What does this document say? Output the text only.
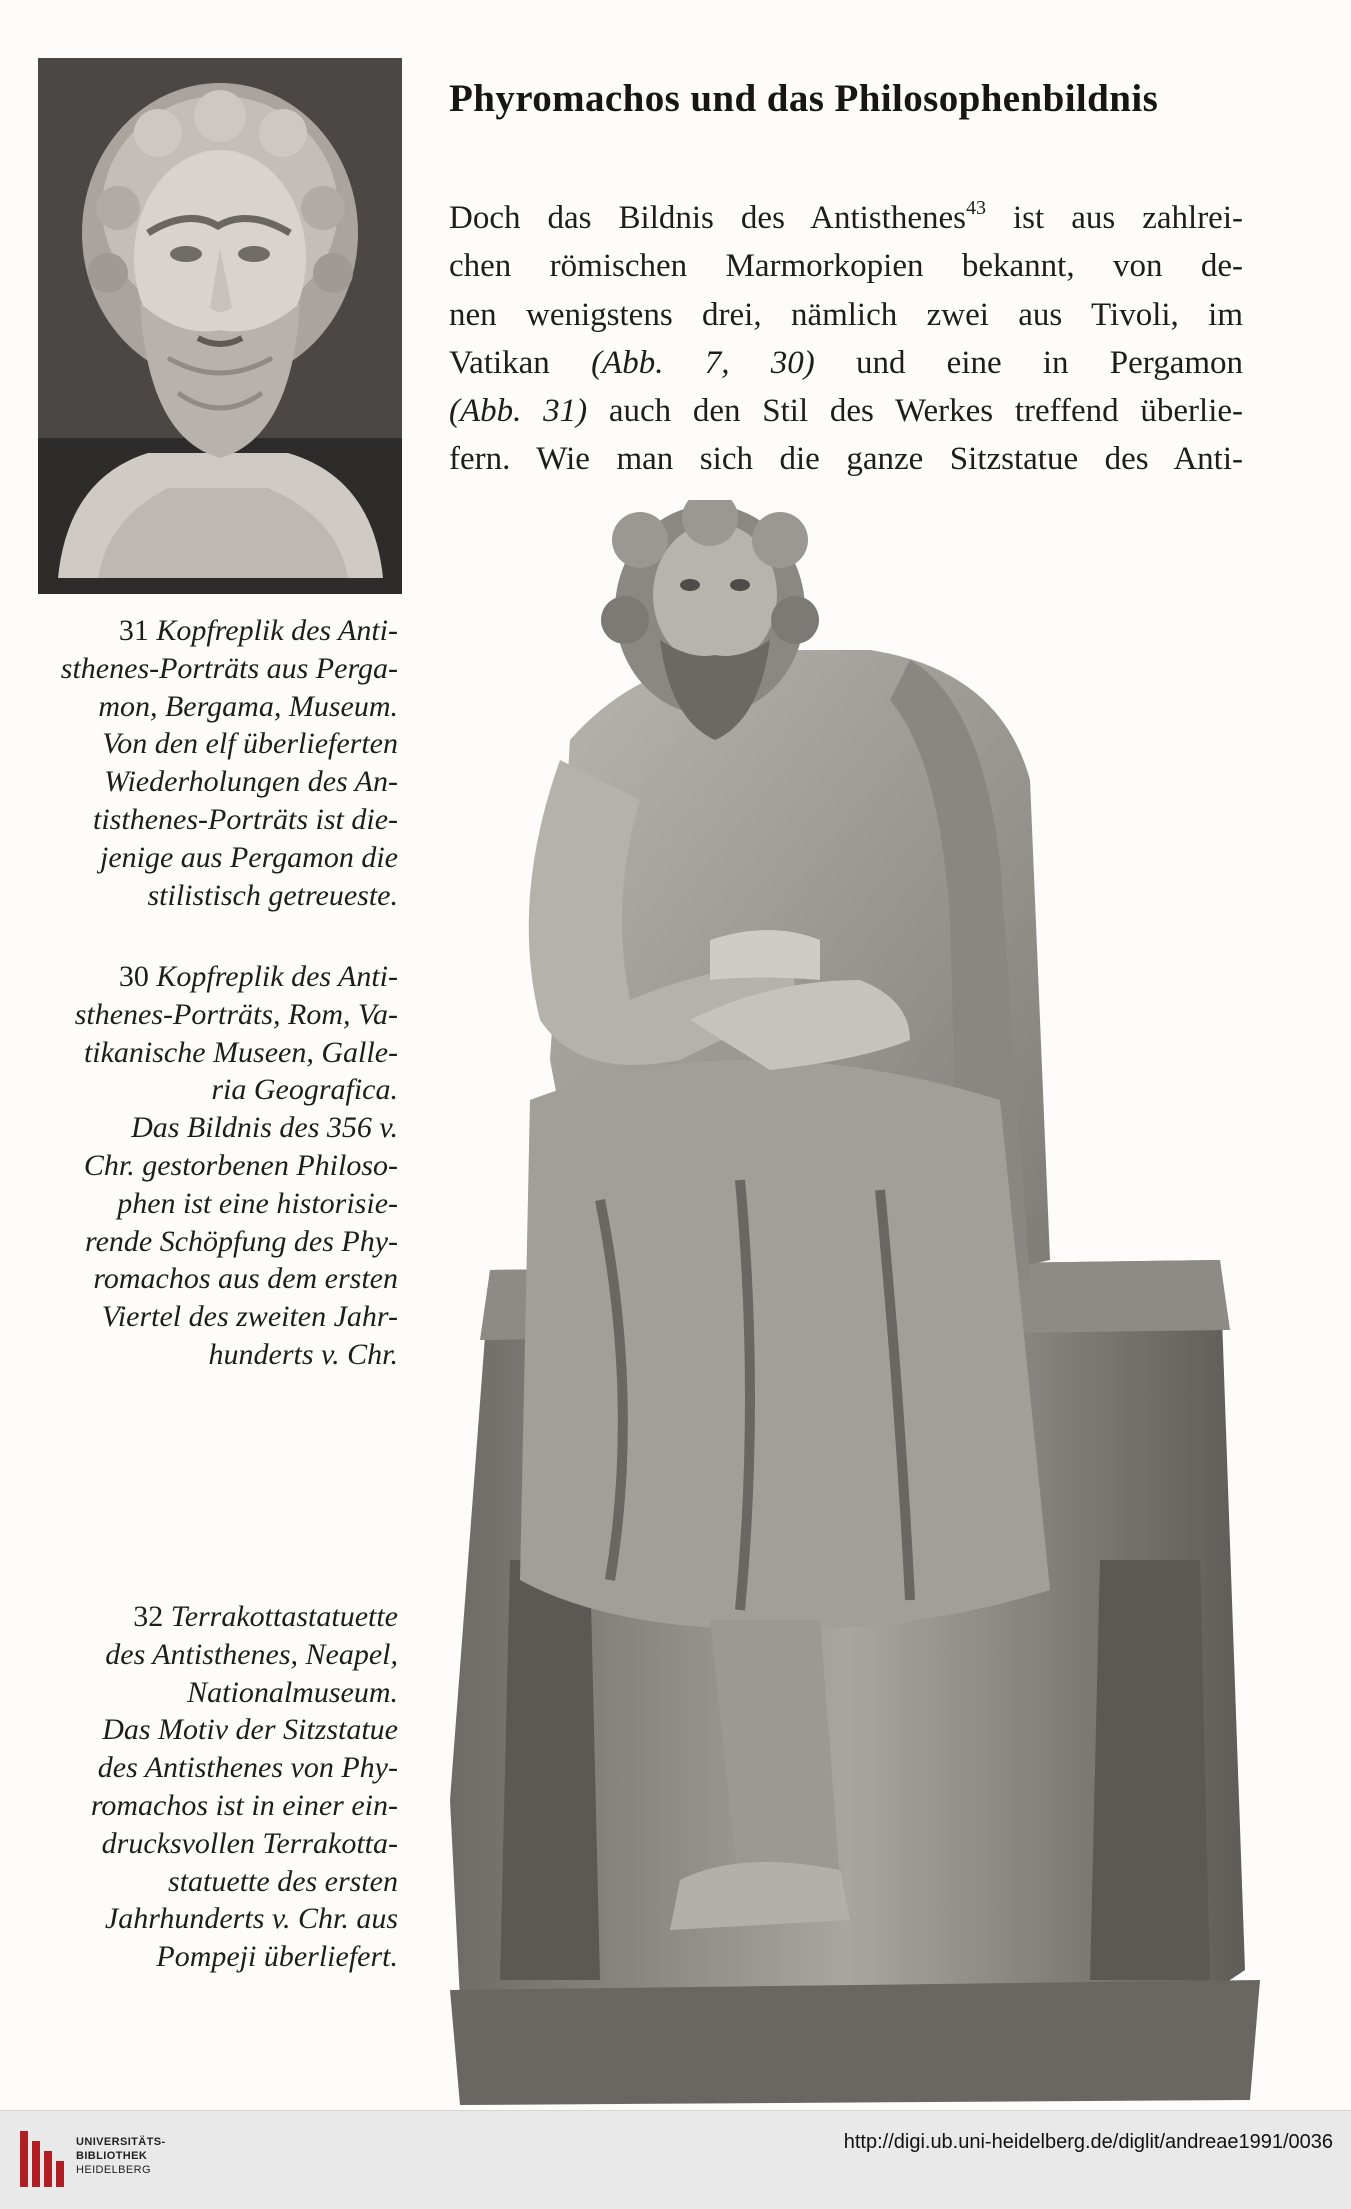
Phyromachos und das Philosophenbildnis
Doch das Bildnis des Antisthenes$^{43}$ ist aus zahlrei-
chen römischen Marmorkopien bekannt, von de-
nen wenigstens drei, nämlich zwei aus Tivoli, im
Vatikan (Abb. 7, 30) und eine in Pergamon
(Abb. 31) auch den Stil des Werkes treffend überlie-
fern. Wie man sich die ganze Sitzstatue des Anti-
31 Kopfreplik des Anti-
sthenes-Porträts aus Perga-
mon, Bergama, Museum.
Von den elf überlieferten
Wiederholungen des An-
tisthenes-Porträts ist die-
jenige aus Pergamon die
stilistisch getreueste.
30 Kopfreplik des Anti-
sthenes-Porträts, Rom, Va-
tikanische Museen, Galle-
ria Geografica.
Das Bildnis des 356 v.
Chr. gestorbenen Philoso-
phen ist eine historisie-
rende Schöpfung des Phy-
romachos aus dem ersten
Viertel des zweiten Jahr-
hunderts v. Chr.
32 Terrakottastatuette
des Antisthenes, Neapel,
Nationalmuseum.
Das Motiv der Sitzstatue
des Antisthenes von Phy-
romachos ist in einer ein-
drucksvollen Terrakotta-
statuette des ersten
Jahrhunderts v. Chr. aus
Pompeji überliefert.
UNIVERSITÄTS-
BIBLIOTHEK
HEIDELBERG
http://digi.ub.uni-heidelberg.de/diglit/andreae1991/0036
